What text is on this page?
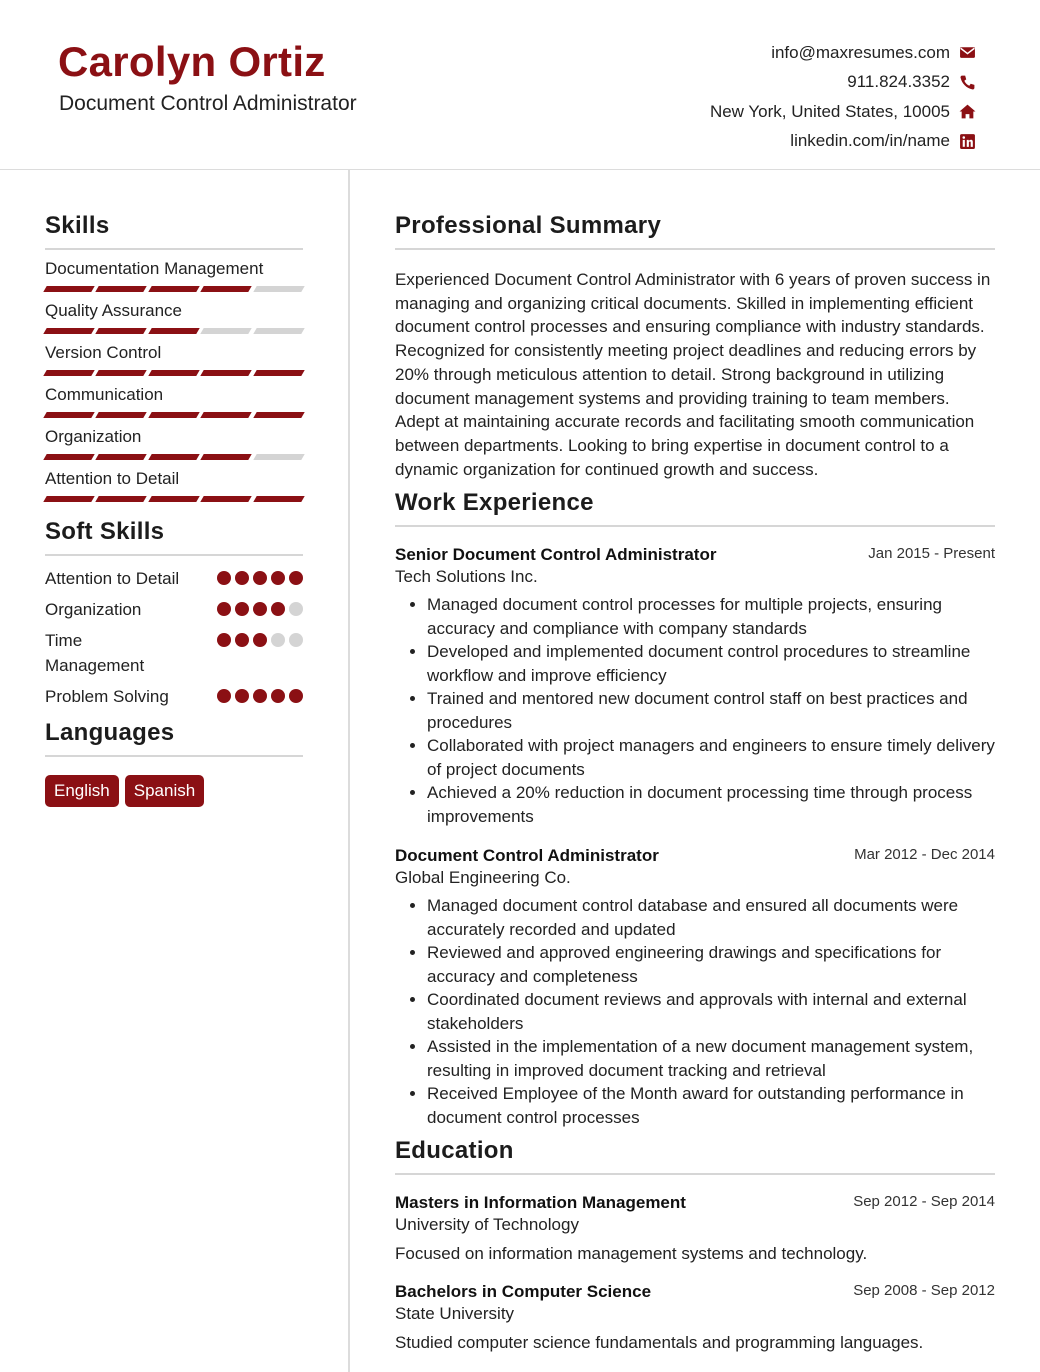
Carolyn Ortiz
Document Control Administrator
info@maxresumes.com
911.824.3352
New York, United States, 10005
linkedin.com/in/name
Skills
Documentation Management
Quality Assurance
Version Control
Communication
Organization
Attention to Detail
Soft Skills
Attention to Detail
Organization
Time Management
Problem Solving
Languages
English	Spanish
Professional Summary
Experienced Document Control Administrator with 6 years of proven success in managing and organizing critical documents. Skilled in implementing efficient document control processes and ensuring compliance with industry standards. Recognized for consistently meeting project deadlines and reducing errors by 20% through meticulous attention to detail. Strong background in utilizing document management systems and providing training to team members. Adept at maintaining accurate records and facilitating smooth communication between departments. Looking to bring expertise in document control to a dynamic organization for continued growth and success.
Work Experience
Senior Document Control Administrator	Jan 2015 - Present
Tech Solutions Inc.
• Managed document control processes for multiple projects, ensuring accuracy and compliance with company standards
• Developed and implemented document control procedures to streamline workflow and improve efficiency
• Trained and mentored new document control staff on best practices and procedures
• Collaborated with project managers and engineers to ensure timely delivery of project documents
• Achieved a 20% reduction in document processing time through process improvements
Document Control Administrator	Mar 2012 - Dec 2014
Global Engineering Co.
• Managed document control database and ensured all documents were accurately recorded and updated
• Reviewed and approved engineering drawings and specifications for accuracy and completeness
• Coordinated document reviews and approvals with internal and external stakeholders
• Assisted in the implementation of a new document management system, resulting in improved document tracking and retrieval
• Received Employee of the Month award for outstanding performance in document control processes
Education
Masters in Information Management	Sep 2012 - Sep 2014
University of Technology
Focused on information management systems and technology.
Bachelors in Computer Science	Sep 2008 - Sep 2012
State University
Studied computer science fundamentals and programming languages.
